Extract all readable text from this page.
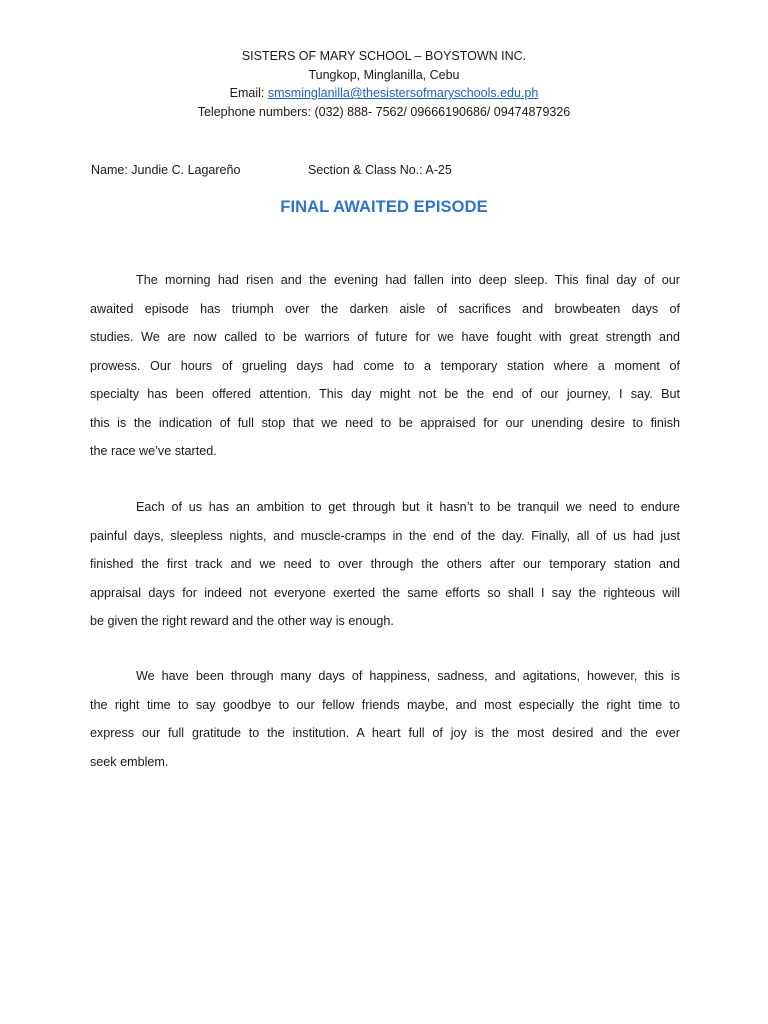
SISTERS OF MARY SCHOOL – BOYSTOWN INC.
Tungkop, Minglanilla, Cebu
Email: smsminglanilla@thesistersofmaryschools.edu.ph
Telephone numbers: (032) 888- 7562/ 09666190686/ 09474879326
Name: Jundie C. Lagareño	Section & Class No.: A-25
FINAL AWAITED EPISODE
The morning had risen and the evening had fallen into deep sleep. This final day of our
awaited episode has triumph over the darken aisle of sacrifices and browbeaten days of
studies. We are now called to be warriors of future for we have fought with great strength and
prowess. Our hours of grueling days had come to a temporary station where a moment of
specialty has been offered attention. This day might not be the end of our journey, I say. But
this is the indication of full stop that we need to be appraised for our unending desire to finish
the race we’ve started.
Each of us has an ambition to get through but it hasn’t to be tranquil we need to endure
painful days, sleepless nights, and muscle-cramps in the end of the day. Finally, all of us had just
finished the first track and we need to over through the others after our temporary station and
appraisal days for indeed not everyone exerted the same efforts so shall I say the righteous will
be given the right reward and the other way is enough.
We have been through many days of happiness, sadness, and agitations, however, this is
the right time to say goodbye to our fellow friends maybe, and most especially the right time to
express our full gratitude to the institution. A heart full of joy is the most desired and the ever
seek emblem.
